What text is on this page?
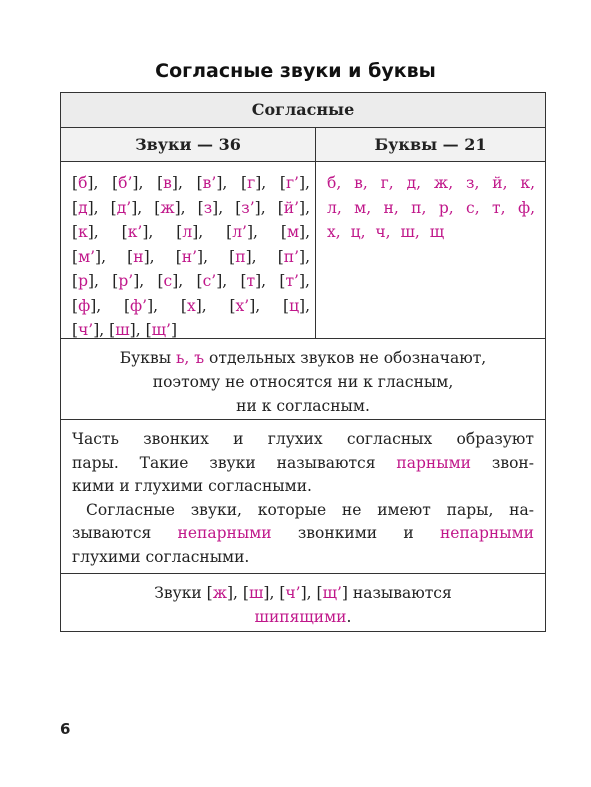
Согласные звуки и буквы
Согласные
Звуки — 36	Буквы — 21
[б], [б’], [в], [в’], [г], [г’],
[д], [д’], [ж], [з], [з’], [й’],
[к], [к’], [л], [л’], [м],
[м’], [н], [н’], [п], [п’],
[р], [р’], [с], [с’], [т], [т’],
[ф], [ф’], [х], [х’], [ц],
[ч’], [ш], [щ’]
б, в, г, д, ж, з, й, к,
л, м, н, п, р, с, т, ф,
х, ц, ч, ш, щ
Буквы ь, ъ отдельных звуков не обозначают,
поэтому не относятся ни к гласным,
ни к согласным.
Часть звонких и глухих согласных образуют
пары. Такие звуки называются парными звон-
кими и глухими согласными.
Согласные звуки, которые не имеют пары, на-
зываются непарными звонкими и непарными
глухими согласными.
Звуки [ж], [ш], [ч’], [щ’] называются
шипящими.
6
